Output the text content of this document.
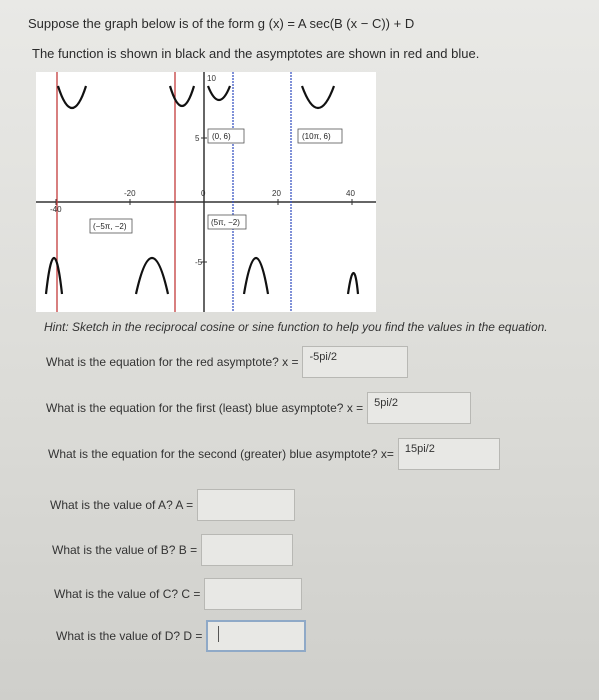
Suppose the graph below is of the form g (x) = A sec(B (x − C)) + D
The function is shown in black and the asymptotes are shown in red and blue.
10
5
-5
-40
-20	0	20	40
(0, 6)	(10π, 6)
(−5π, −2)	(5π, −2)
Hint: Sketch in the reciprocal cosine or sine function to help you find the values in the equation.
What is the equation for the red asymptote? x =	-5pi/2
What is the equation for the first (least) blue asymptote? x =	5pi/2
What is the equation for the second (greater) blue asymptote? x=	15pi/2
What is the value of A? A =
What is the value of B? B =
What is the value of C? C =
What is the value of D? D =
